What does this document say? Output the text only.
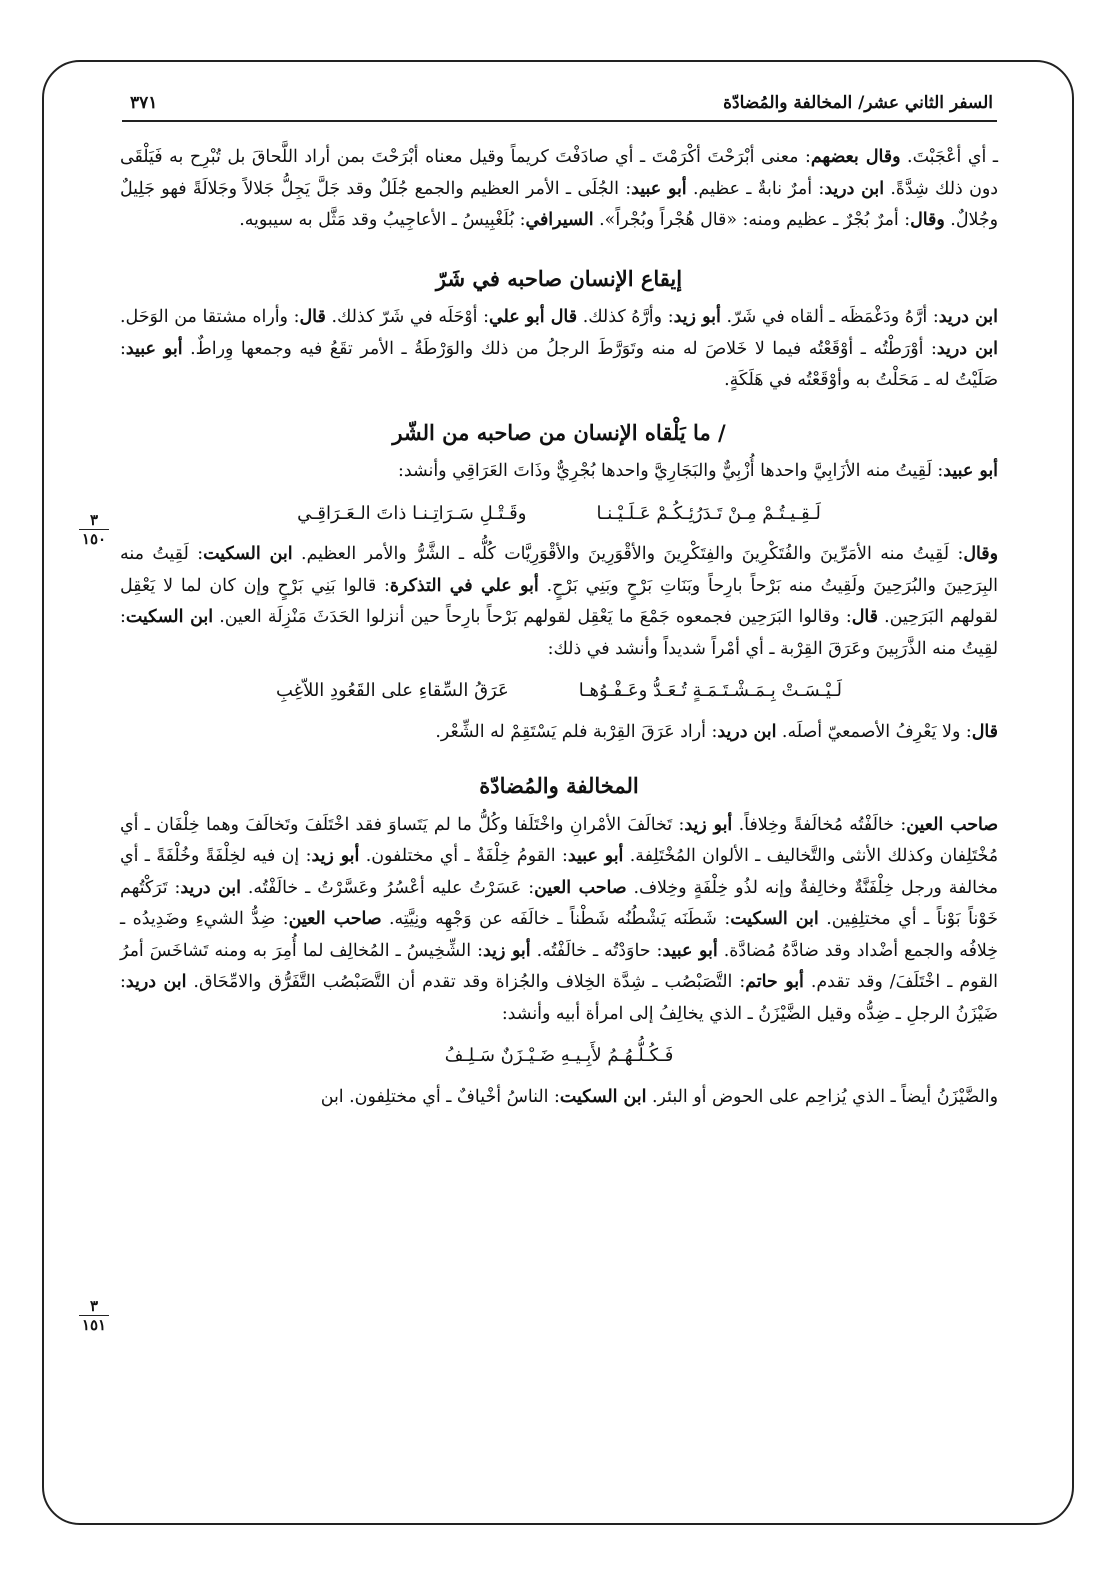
السفر الثاني عشر/ المخالفة والمُضادّة
٣٧١
٣
١٥٠
٣
١٥١

ـ أي أعْجَبْتَ. وقال بعضهم: معنى أبْرَحْتَ أكْرَمْتَ ـ أي صادَفْتَ كريماً وقيل معناه أبْرَحْتَ بمن أراد اللَّحاقَ بل تُبْرِح به فَيَلْقَى دون ذلك شِدَّةً. ابن دريد: أمرٌ نابةٌ ـ عظيم. أبو عبيد: الجُلَى ـ الأمر العظيم والجمع جُلَلٌ وقد جَلَّ يَجِلُّ جَلالاً وجَلالَةً فهو جَلِيلٌ وجُلالٌ. وقال: أمرٌ بُجْرٌ ـ عظيم ومنه: «قال هُجْراً وبُجْراً». السيرافي: بُلَغْبِيسُ ـ الأعاجِيبُ وقد مَثَّل به سيبويه.

إيقاع الإنسان صاحبه في شَرّ

ابن دريد: أرَّهُ ودَغْمَظَه ـ ألقاه في شَرّ. أبو زيد: وأرَّهُ كذلك. قال أبو علي: أوْحَلَه في شَرّ كذلك. قال: وأراه مشتقا من الوَحَل. ابن دريد: أوْرَطْتُه ـ أوْقَعْتُه فيما لا خَلاصَ له منه وتَوَرَّطَ الرجلُ من ذلك والوَرْطَةُ ـ الأمر تقَعُ فيه وجمعها وِراطٌ. أبو عبيد: صَلَيْتُ له ـ مَحَلْتُ به وأوْقَعْتُه في هَلَكَةٍ.

/ ما يَلْقاه الإنسان من صاحبه من الشّر

أبو عبيد: لَقِيتُ منه الأزَابِيَّ واحدها أُزْبِيٌّ والبَجَارِيَّ واحدها بُجْرِيٌّ وذَاتَ العَرَاقِي وأنشد:

لَـقِـيـتُـمْ مِـنْ تَـدَرُئِـكُـمْ عَـلَـيْـنـا
وقَـتْـلِ سَـرَاتِـنـا ذاتَ الـعَـرَاقِـي

وقال: لَقِيتُ منه الأمَرِّينَ والفُتَكْرِينَ والفِتَكْرِينَ والأقْوَرِينَ والأقْوَرِيَّات كُلُّه ـ الشَّرُّ والأمر العظيم. ابن السكيت: لَقِيتُ منه البِرَحِينَ والبُرَحِينَ ولَقِيتُ منه بَرْحاً بارِحاً وبَنَاتِ بَرْحٍ وبَنِي بَرْحٍ. أبو علي في التذكرة: قالوا بَنِي بَرْحٍ وإن كان لما لا يَعْقِل لقولهم البَرَحِين. قال: وقالوا البَرَحِين فجمعوه جَمْعَ ما يَعْقِل لقولهم بَرْحاً بارِحاً حين أنزلوا الحَدَثَ مَنْزِلَة العين. ابن السكيت: لقِيتُ منه الذَّرَبِينَ وعَرَقَ القِرْبة ـ أي أمْراً شديداً وأنشد في ذلك:

لَـيْـسَـتْ بِـمَـشْـتَـمَـةٍ تُـعَـدُّ وعَـفْـوُهـا
عَرَقُ السِّقاءِ على القَعُودِ اللاّغِبِ

قال: ولا يَعْرِفُ الأصمعيّ أصلَه. ابن دريد: أراد عَرَقَ القِرْبة فلم يَسْتَقِمْ له الشِّعْر.

المخالفة والمُضادّة

صاحب العين: خالَفْتُه مُخالَفةً وخِلافاً. أبو زيد: تَخالَفَ الأمْرانِ واخْتَلَفا وكُلُّ ما لم يَتَساوَ فقد اخْتَلَفَ وتَخالَفَ وهما خِلْفَان ـ أي مُخْتَلِفان وكذلك الأنثى والتَّخاليف ـ الألوان المُخْتَلِفة. أبو عبيد: القومُ خِلْفَةٌ ـ أي مختلفون. أبو زيد: إن فيه لخِلْفَةً وخُلْفَةً ـ أي مخالفة ورجل خِلْفَنَّةٌ وخالِفةٌ وإنه لذُو خِلْفَةٍ وخِلاف. صاحب العين: عَسَرْتُ عليه أعْسُرُ وعَسَّرْتُ ـ خالَفْتُه. ابن دريد: تَرَكْتُهم خَوْناً بَوْناً ـ أي مختلِفِين. ابن السكيت: شَطَنَه يَشْطُنُه شَطْناً ـ خالَفَه عن وَجْهِه ونِيَّتِه. صاحب العين: ضِدُّ الشيءِ وضَدِيدُه ـ خِلافُه والجمع أضْداد وقد ضادَّهُ مُضادَّة. أبو عبيد: حاوَدْتُه ـ خالَفْتُه. أبو زيد: الشِّخِيسُ ـ المُخالِف لما أُمِرَ به ومنه تَشاخَسَ أمرُ القوم ـ اخْتَلَفَ/ وقد تقدم. أبو حاتم: التَّصَبْصُب ـ شِدَّة الخِلاف والجُزاة وقد تقدم أن التَّصَبْصُب التَّفَرُّق والامِّحَاق. ابن دريد: ضَيْزَنُ الرجلِ ـ ضِدُّه وقيل الضَّيْزَنُ ـ الذي يخالِفُ إلى امرأة أبيه وأنشد:

فَـكُـلُّـهُـمُ لأَبِـيـهِ ضَـيْـزَنٌ سَـلِـفُ

والضَّيْزَنُ أيضاً ـ الذي يُزاحِم على الحوض أو البئر. ابن السكيت: الناسُ أخْيافٌ ـ أي مختلِفون. ابن
